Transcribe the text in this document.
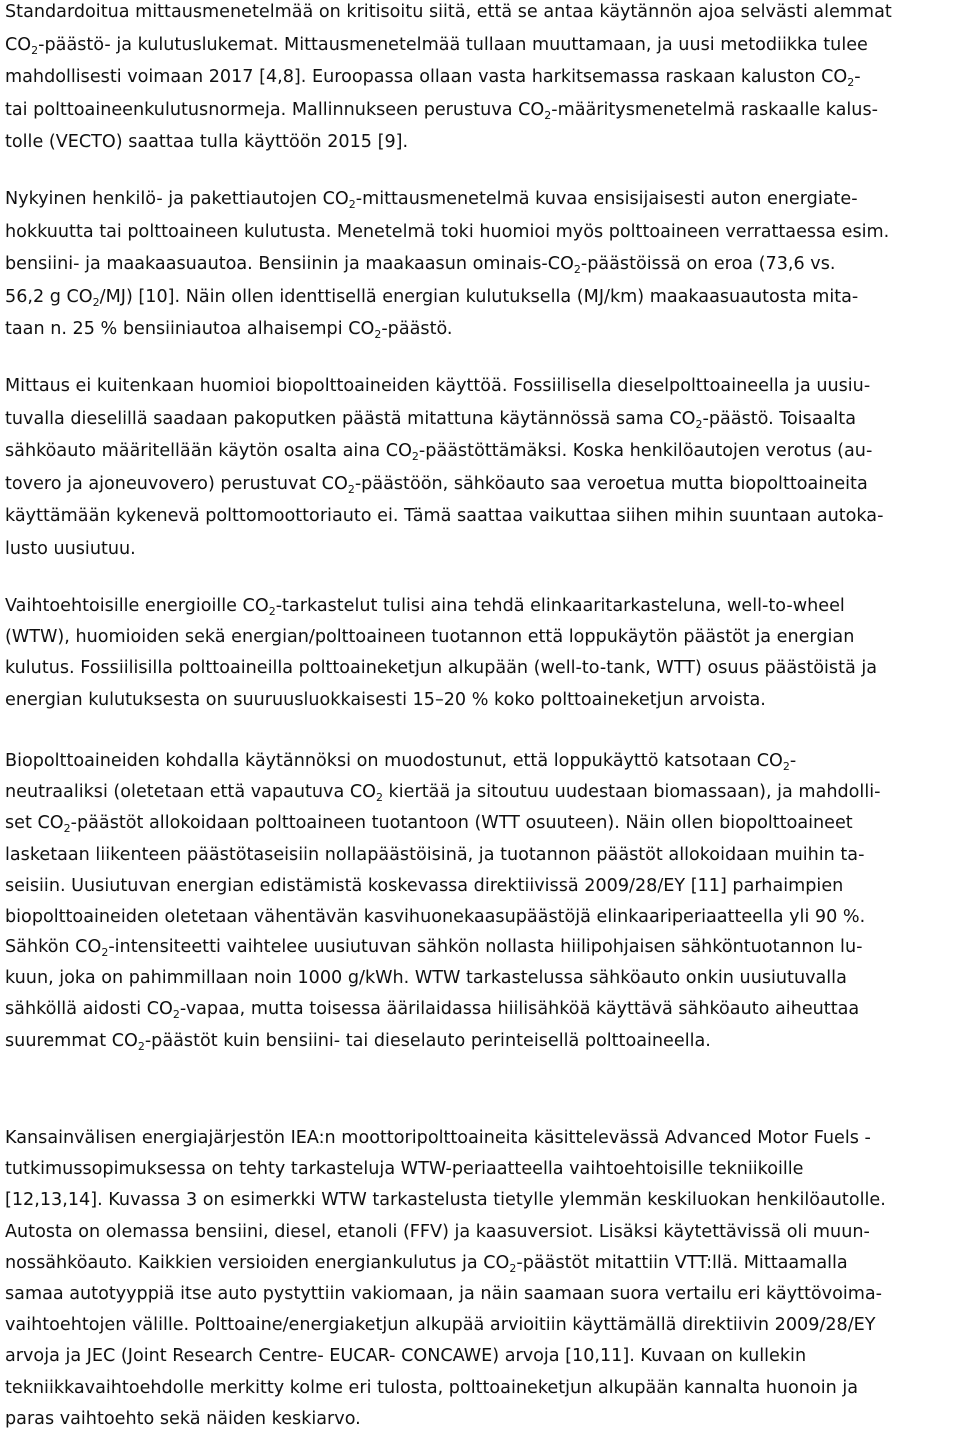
Standardoitua mittausmenetelmää on kritisoitu siitä, että se antaa käytännön ajoa selvästi alemmat
$CO_2-päästö-$ ja kulutuslukemat. Mittausmenetelmää tullaan muuttamaan, ja uusi metodiikka tulee
mahdollisesti voimaan 2017 [4,8]. Euroopassa ollaan vasta harkitsemassa raskaan kaluston $CO_2-$
tai polttoaineenkulutusnormeja. Mallinnukseen perustuva $CO_2$-määritysmenetelmä raskaalle kalus-
tolle (VECTO) saattaa tulla käyttöön 2015 [9].
Nykyinen henkilö- ja pakettiautojen $CO_2$-mittausmenetelmä kuvaa ensisijaisesti auton energiate-
hokkuutta tai polttoaineen kulutusta. Menetelmä toki huomioi myös polttoaineen verrattaessa esim.
bensiini- ja maakaasuautoa. Bensiinin ja maakaasun ominais-$CO_2$-päästöissä on eroa (73,6 vs.
56,2 g $CO_2/MJ$) [10]. Näin ollen identtisellä energian kulutuksella (MJ/km) maakaasuautosta mita-
taan n. 25 % bensiiniautoa alhaisempi $CO_2$-päästö.
Mittaus ei kuitenkaan huomioi biopolttoaineiden käyttöä. Fossiilisella dieselpolttoaineella ja uusiu-
tuvalla dieselillä saadaan pakoputken päästä mitattuna käytännössä sama $CO_2$-päästö. Toisaalta
sähköauto määritellään käytön osalta aina $CO_2$-päästöttämäksi. Koska henkilöautojen verotus (au-
tovero ja ajoneuvovero) perustuvat $CO_2$-päästöön, sähköauto saa veroetua mutta biopolttoaineita
käyttämään kykenevä polttomoottoriauto ei. Tämä saattaa vaikuttaa siihen mihin suuntaan autoka-
lusto uusiutuu.
Vaihtoehtoisille energioille $CO_2$-tarkastelut tulisi aina tehdä elinkaaritarkasteluna, well-to-wheel
(WTW), huomioiden sekä energian/polttoaineen tuotannon että loppukäytön päästöt ja energian
kulutus. Fossiilisilla polttoaineilla polttoaineketjun alkupään (well-to-tank, WTT) osuus päästöistä ja
energian kulutuksesta on suuruusluokkaisesti 15–20 % koko polttoaineketjun arvoista.
Biopolttoaineiden kohdalla käytännöksi on muodostunut, että loppukäyttö katsotaan $CO_2-$
neutraaliksi (oletetaan että vapautuva $CO_2$ kiertää ja sitoutuu uudestaan biomassaan), ja mahdolli-
set $CO_2$-päästöt allokoidaan polttoaineen tuotantoon (WTT osuuteen). Näin ollen biopolttoaineet
lasketaan liikenteen päästötaseisiin nollapäästöisinä, ja tuotannon päästöt allokoidaan muihin ta-
seisiin. Uusiutuvan energian edistämistä koskevassa direktiivissä 2009/28/EY [11] parhaimpien
biopolttoaineiden oletetaan vähentävän kasvihuonekaasupäästöjä elinkaariperiaatteella yli 90 %.
Sähkön $CO_2$-intensiteetti vaihtelee uusiutuvan sähkön nollasta hiilipohjaisen sähköntuotannon lu-
kuun, joka on pahimmillaan noin 1000 g/kWh. WTW tarkastelussa sähköauto onkin uusiutuvalla
sähköllä aidosti $CO_2$-vapaa, mutta toisessa äärilaidassa hiilisähköä käyttävä sähköauto aiheuttaa
suuremmat $CO_2$-päästöt kuin bensiini- tai dieselauto perinteisellä polttoaineella.
Kansainvälisen energiajärjestön IEA:n moottoripolttoaineita käsittelevässä Advanced Motor Fuels -
tutkimussopimuksessa on tehty tarkasteluja WTW-periaatteella vaihtoehtoisille tekniikoille
[12,13,14]. Kuvassa 3 on esimerkki WTW tarkastelusta tietylle ylemmän keskiluokan henkilöautolle.
Autosta on olemassa bensiini, diesel, etanoli (FFV) ja kaasuversiot. Lisäksi käytettävissä oli muun-
nossähköauto. Kaikkien versioiden energiankulutus ja $CO_2$-päästöt mitattiin VTT:llä. Mittaamalla
samaa autotyyppiä itse auto pystyttiin vakiomaan, ja näin saamaan suora vertailu eri käyttövoima-
vaihtoehtojen välille. Polttoaine/energiaketjun alkupää arvioitiin käyttämällä direktiivin 2009/28/EY
arvoja ja JEC (Joint Research Centre- EUCAR- CONCAWE) arvoja [10,11]. Kuvaan on kullekin
tekniikkavaihtoehdolle merkitty kolme eri tulosta, polttoaineketjun alkupään kannalta huonoin ja
paras vaihtoehto sekä näiden keskiarvo.
